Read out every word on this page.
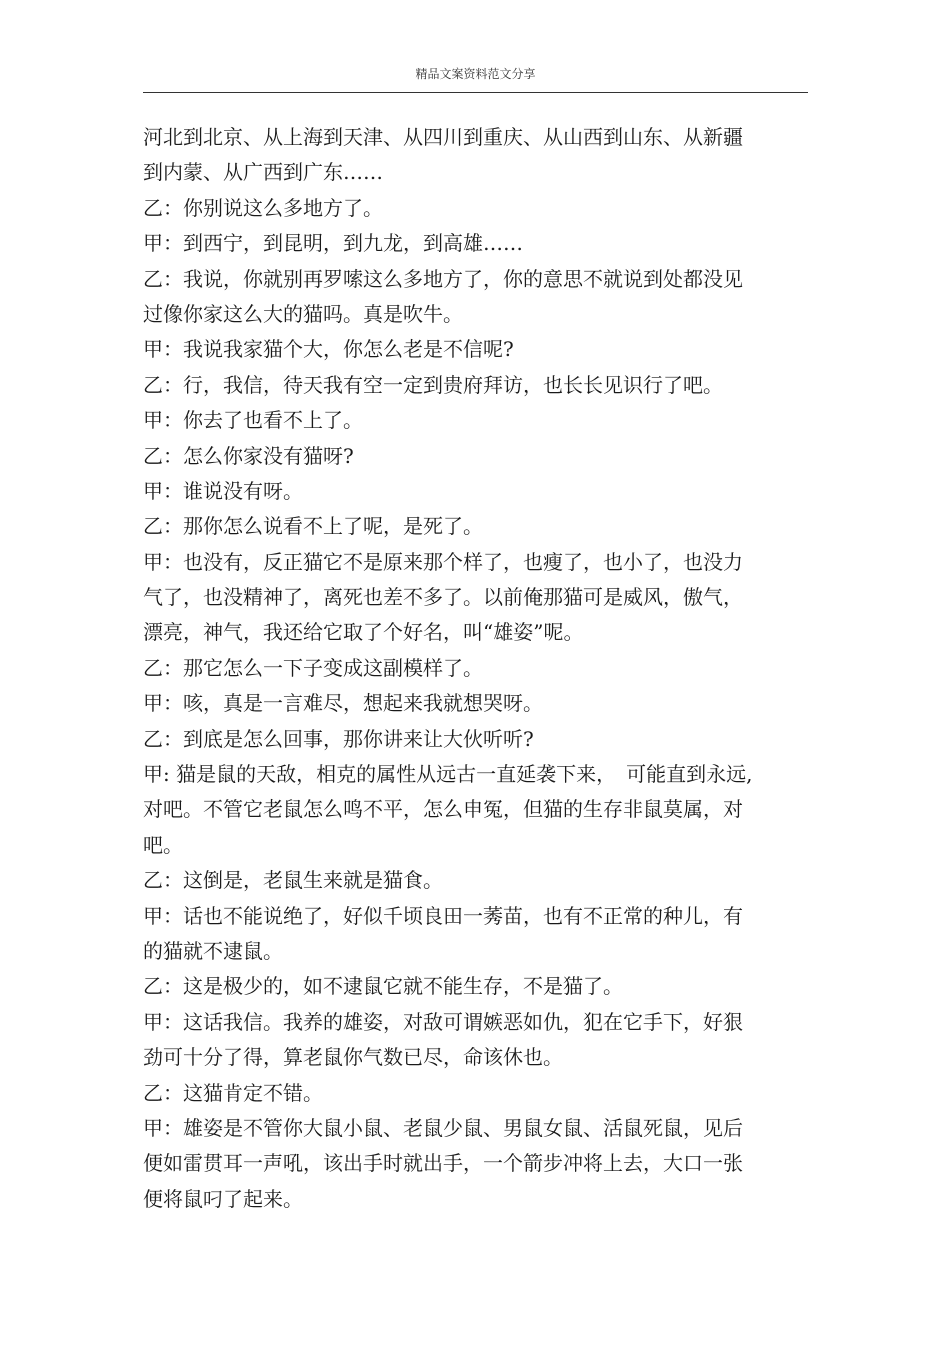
精品文案资料范文分享
河北到北京、从上海到天津、从四川到重庆、从山西到山东、从新疆
到内蒙、从广西到广东……
乙：你别说这么多地方了。
甲：到西宁，到昆明，到九龙，到高雄……
乙：我说，你就别再罗嗦这么多地方了，你的意思不就说到处都没见
过像你家这么大的猫吗。真是吹牛。
甲：我说我家猫个大，你怎么老是不信呢?
乙：行，我信，待天我有空一定到贵府拜访，也长长见识行了吧。
甲：你去了也看不上了。
乙：怎么你家没有猫呀?
甲：谁说没有呀。
乙：那你怎么说看不上了呢，是死了。
甲：也没有，反正猫它不是原来那个样了，也瘦了，也小了，也没力
气了，也没精神了，离死也差不多了。以前俺那猫可是威风，傲气，
漂亮，神气，我还给它取了个好名，叫“雄姿”呢。
乙：那它怎么一下子变成这副模样了。
甲：咳，真是一言难尽，想起来我就想哭呀。
乙：到底是怎么回事，那你讲来让大伙听听?
甲: 猫是鼠的天敌，相克的属性从远古一直延袭下来，　可能直到永远,
对吧。不管它老鼠怎么鸣不平，怎么申冤，但猫的生存非鼠莫属，对
吧。
乙：这倒是，老鼠生来就是猫食。
甲：话也不能说绝了，好似千顷良田一莠苗，也有不正常的种儿，有
的猫就不逮鼠。
乙：这是极少的，如不逮鼠它就不能生存，不是猫了。
甲：这话我信。我养的雄姿，对敌可谓嫉恶如仇，犯在它手下，好狠
劲可十分了得，算老鼠你气数已尽，命该休也。
乙：这猫肯定不错。
甲：雄姿是不管你大鼠小鼠、老鼠少鼠、男鼠女鼠、活鼠死鼠，见后
便如雷贯耳一声吼，该出手时就出手，一个箭步冲将上去，大口一张
便将鼠叼了起来。
